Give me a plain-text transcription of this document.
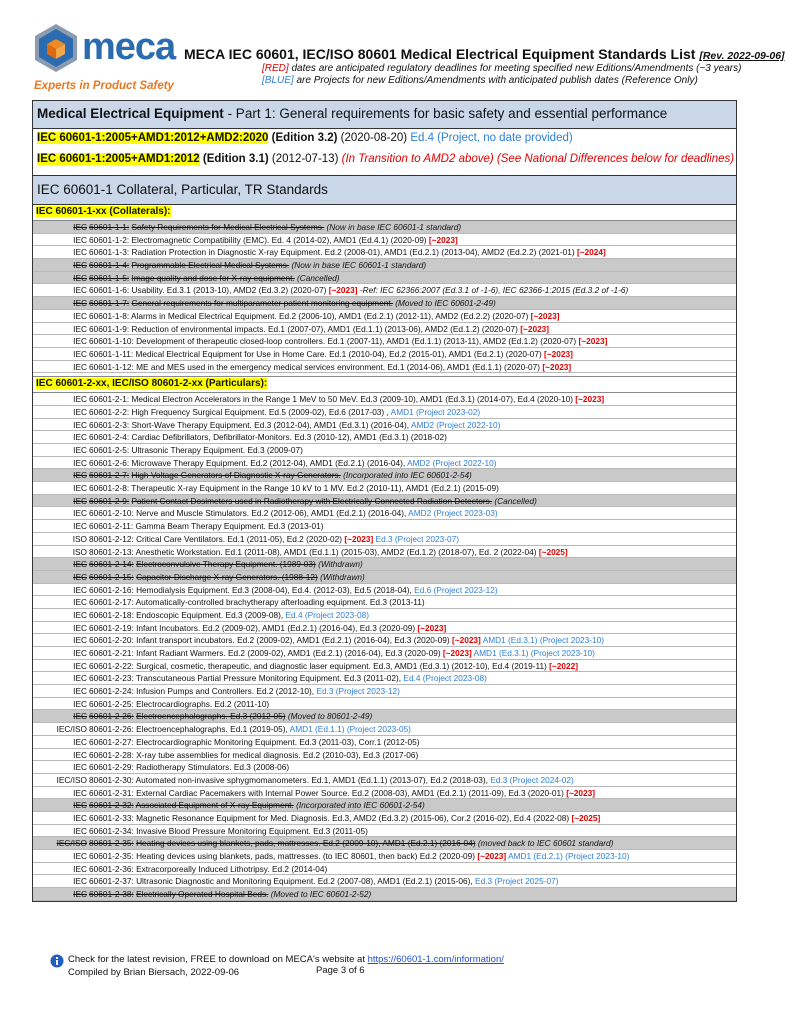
meca
Experts in Product Safety
MECA IEC 60601, IEC/ISO 80601 Medical Electrical Equipment Standards List [Rev. 2022-09-06]
[RED] dates are anticipated regulatory deadlines for meeting specified new Editions/Amendments (~3 years)
[BLUE] are Projects for new Editions/Amendments with anticipated publish dates (Reference Only)
Medical Electrical Equipment - Part 1: General requirements for basic safety and essential performance
IEC 60601-1:2005+AMD1:2012+AMD2:2020 (Edition 3.2) (2020-08-20) Ed.4 (Project, no date provided)
IEC 60601-1:2005+AMD1:2012 (Edition 3.1) (2012-07-13) (In Transition to AMD2 above) (See National Differences below for deadlines)
IEC 60601-1 Collateral, Particular, TR Standards
IEC 60601-1-xx (Collaterals):
IEC 60601-1-1: Safety Requirements for Medical Electrical Systems. (Now in base IEC 60601-1 standard)
IEC 60601-1-2: Electromagnetic Compatibility (EMC). Ed. 4 (2014-02), AMD1 (Ed.4.1) (2020-09) [~2023]
IEC 60601-1-3: Radiation Protection in Diagnostic X-ray Equipment. Ed.2 (2008-01), AMD1 (Ed.2.1) (2013-04), AMD2 (Ed.2.2) (2021-01) [~2024]
IEC 60601-1-4: Programmable Electrical Medical Systems. (Now in base IEC 60601-1 standard)
IEC 60601-1-5: Image quality and dose for X-ray equipment. (Cancelled)
IEC 60601-1-6: Usability. Ed.3.1 (2013-10), AMD2 (Ed.3.2) (2020-07) [~2023] -Ref: IEC 62366:2007 (Ed.3.1 of -1-6), IEC 62366-1:2015 (Ed.3.2 of -1-6)
IEC 60601-1-7: General requirements for multiparameter patient monitoring equipment. (Moved to IEC 60601-2-49)
IEC 60601-1-8: Alarms in Medical Electrical Equipment. Ed.2 (2006-10), AMD1 (Ed.2.1) (2012-11), AMD2 (Ed.2.2) (2020-07) [~2023]
IEC 60601-1-9: Reduction of environmental impacts. Ed.1 (2007-07), AMD1 (Ed.1.1) (2013-06), AMD2 (Ed.1.2) (2020-07) [~2023]
IEC 60601-1-10: Development of therapeutic closed-loop controllers. Ed.1 (2007-11), AMD1 (Ed.1.1) (2013-11), AMD2 (Ed.1.2) (2020-07) [~2023]
IEC 60601-1-11: Medical Electrical Equipment for Use in Home Care. Ed.1 (2010-04), Ed.2 (2015-01), AMD1 (Ed.2.1) (2020-07) [~2023]
IEC 60601-1-12: ME and MES used in the emergency medical services environment. Ed.1 (2014-06), AMD1 (Ed.1.1) (2020-07) [~2023]
IEC 60601-2-xx, IEC/ISO 80601-2-xx (Particulars):
IEC 60601-2-1: Medical Electron Accelerators in the Range 1 MeV to 50 MeV. Ed.3 (2009-10), AMD1 (Ed.3.1) (2014-07), Ed.4 (2020-10) [~2023]
IEC 60601-2-2: High Frequency Surgical Equipment. Ed.5 (2009-02), Ed.6 (2017-03) , AMD1 (Project 2023-02)
IEC 60601-2-3: Short-Wave Therapy Equipment. Ed.3 (2012-04), AMD1 (Ed.3.1) (2016-04), AMD2 (Project 2022-10)
IEC 60601-2-4: Cardiac Defibrillators, Defibrillator-Monitors. Ed.3 (2010-12), AMD1 (Ed.3.1) (2018-02)
IEC 60601-2-5: Ultrasonic Therapy Equipment. Ed.3 (2009-07)
IEC 60601-2-6: Microwave Therapy Equipment. Ed.2 (2012-04), AMD1 (Ed.2.1) (2016-04), AMD2 (Project 2022-10)
IEC 60601-2-7: High Voltage Generators of Diagnostic X-ray Generators. (Incorporated into IEC 60601-2-54)
IEC 60601-2-8: Therapeutic X-ray Equipment in the Range 10 kV to 1 MV. Ed.2 (2010-11), AMD1 (Ed.2.1) (2015-09)
IEC 60601-2-9: Patient Contact Dosimeters used in Radiotherapy with Electrically Connected Radiation Detectors. (Cancelled)
IEC 60601-2-10: Nerve and Muscle Stimulators. Ed.2 (2012-06), AMD1 (Ed.2.1) (2016-04), AMD2 (Project 2023-03)
IEC 60601-2-11: Gamma Beam Therapy Equipment. Ed.3 (2013-01)
ISO 80601-2-12: Critical Care Ventilators. Ed.1 (2011-05), Ed.2 (2020-02) [~2023] Ed.3 (Project 2023-07)
ISO 80601-2-13: Anesthetic Workstation. Ed.1 (2011-08), AMD1 (Ed.1.1) (2015-03), AMD2 (Ed.1.2) (2018-07), Ed. 2 (2022-04) [~2025]
IEC 60601-2-14: Electroconvulsive Therapy Equipment. (1989-03) (Withdrawn)
IEC 60601-2-15: Capacitor Discharge X-ray Generators. (1988-12) (Withdrawn)
IEC 60601-2-16: Hemodialysis Equipment. Ed.3 (2008-04), Ed.4. (2012-03), Ed.5 (2018-04), Ed.6 (Project 2023-12)
IEC 60601-2-17: Automatically-controlled brachytherapy afterloading equipment. Ed.3 (2013-11)
IEC 60601-2-18: Endoscopic Equipment. Ed.3 (2009-08), Ed.4 (Project 2023-08)
IEC 60601-2-19: Infant Incubators. Ed.2 (2009-02), AMD1 (Ed.2.1) (2016-04), Ed.3 (2020-09) [~2023]
IEC 60601-2-20: Infant transport incubators. Ed.2 (2009-02), AMD1 (Ed.2.1) (2016-04), Ed.3 (2020-09) [~2023] AMD1 (Ed.3.1) (Project 2023-10)
IEC 60601-2-21: Infant Radiant Warmers. Ed.2 (2009-02), AMD1 (Ed.2.1) (2016-04), Ed.3 (2020-09) [~2023] AMD1 (Ed.3.1) (Project 2023-10)
IEC 60601-2-22: Surgical, cosmetic, therapeutic, and diagnostic laser equipment. Ed.3, AMD1 (Ed.3.1) (2012-10), Ed.4 (2019-11) [~2022]
IEC 60601-2-23: Transcutaneous Partial Pressure Monitoring Equipment. Ed.3 (2011-02), Ed.4 (Project 2023-08)
IEC 60601-2-24: Infusion Pumps and Controllers. Ed.2 (2012-10), Ed.3 (Project 2023-12)
IEC 60601-2-25: Electrocardiographs. Ed.2 (2011-10)
IEC 60601-2-26: Electroencephalographs. Ed.3 (2012-05) (Moved to 80601-2-49)
IEC/ISO 80601-2-26: Electroencephalographs. Ed.1 (2019-05), AMD1 (Ed.1.1) (Project 2023-05)
IEC 60601-2-27: Electrocardiographic Monitoring Equipment. Ed.3 (2011-03), Corr.1 (2012-05)
IEC 60601-2-28: X-ray tube assemblies for medical diagnosis. Ed.2 (2010-03), Ed.3 (2017-06)
IEC 60601-2-29: Radiotherapy Stimulators. Ed.3 (2008-06)
IEC/ISO 80601-2-30: Automated non-invasive sphygmomanometers. Ed.1, AMD1 (Ed.1.1) (2013-07), Ed.2 (2018-03), Ed.3 (Project 2024-02)
IEC 60601-2-31: External Cardiac Pacemakers with Internal Power Source. Ed.2 (2008-03), AMD1 (Ed.2.1) (2011-09), Ed.3 (2020-01) [~2023]
IEC 60601-2-32: Associated Equipment of X-ray Equipment. (Incorporated into IEC 60601-2-54)
IEC 60601-2-33: Magnetic Resonance Equipment for Med. Diagnosis. Ed.3, AMD2 (Ed.3.2) (2015-06), Cor.2 (2016-02), Ed.4 (2022-08) [~2025]
IEC 60601-2-34: Invasive Blood Pressure Monitoring Equipment. Ed.3 (2011-05)
IEC/ISO 80601-2-35: Heating devices using blankets, pads, mattresses. Ed.2 (2009-10), AMD1 (Ed.2.1) (2016-04) (moved back to IEC 60601 standard)
IEC 60601-2-35: Heating devices using blankets, pads, mattresses. (to IEC 80601, then back) Ed.2 (2020-09) [~2023] AMD1 (Ed.2.1) (Project 2023-10)
IEC 60601-2-36: Extracorporeally Induced Lithotripsy. Ed.2 (2014-04)
IEC 60601-2-37: Ultrasonic Diagnostic and Monitoring Equipment. Ed.2 (2007-08), AMD1 (Ed.2.1) (2015-06), Ed.3 (Project 2025-07)
IEC 60601-2-38: Electrically Operated Hospital Beds. (Moved to IEC 60601-2-52)
Check for the latest revision, FREE to download on MECA's website at https://60601-1.com/information/
Compiled by Brian Biersach, 2022-09-06	Page 3 of 6
